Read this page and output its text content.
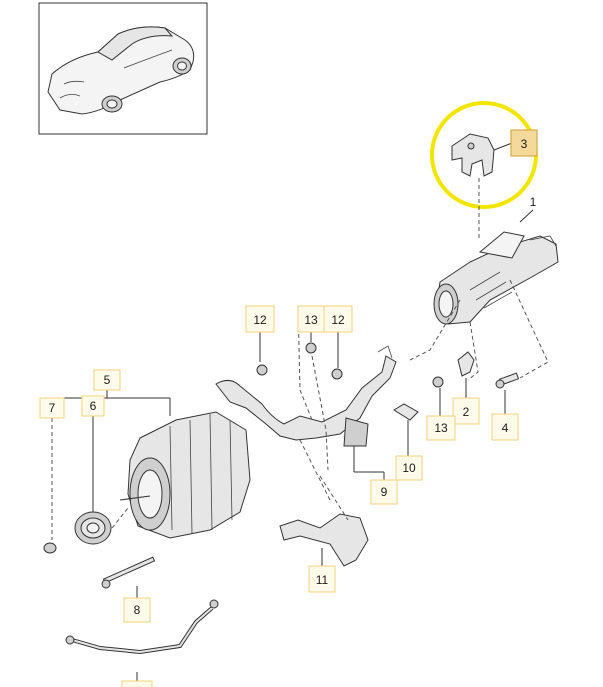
1
2
3
4
5
6
7
8
9
10
11
12	13 12
13
